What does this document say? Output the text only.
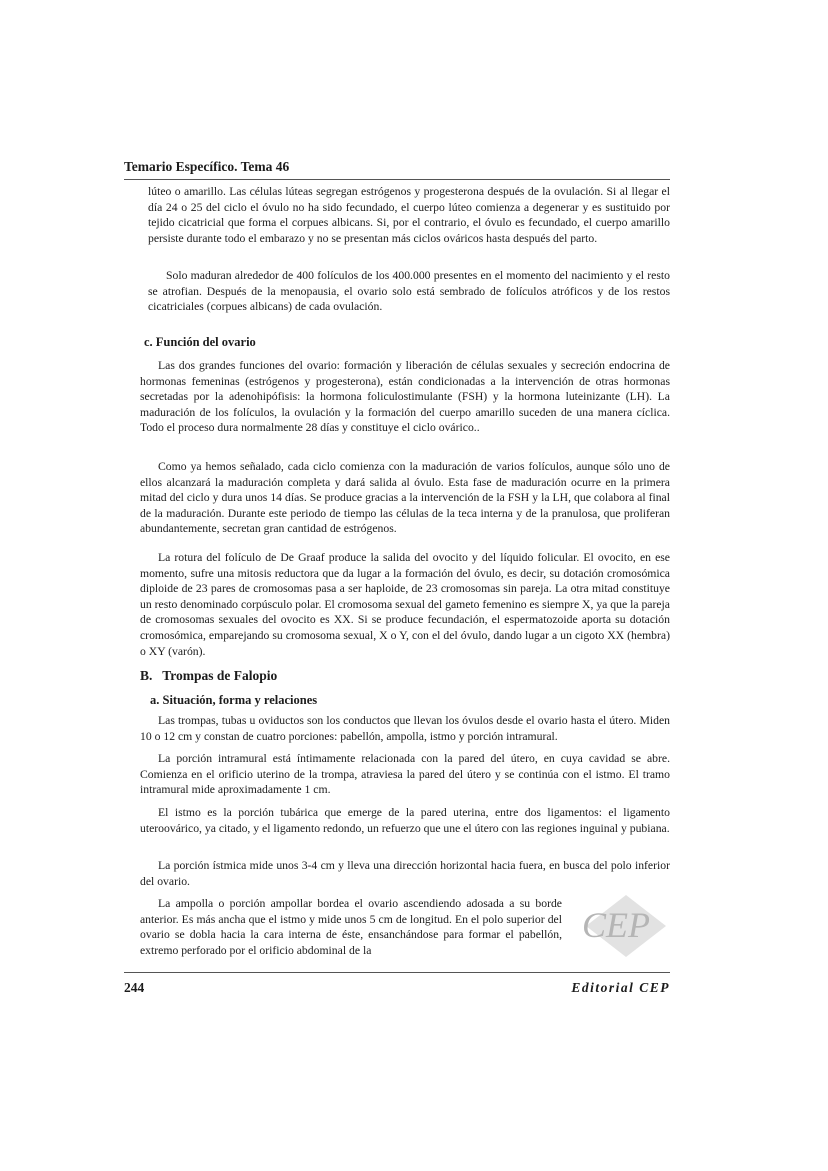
Temario Específico. Tema 46
lúteo o amarillo. Las células lúteas segregan estrógenos y progesterona después de la ovulación. Si al llegar el día 24 o 25 del ciclo el óvulo no ha sido fecundado, el cuerpo lúteo comienza a degenerar y es sustituido por tejido cicatricial que forma el corpues albicans. Si, por el contrario, el óvulo es fecundado, el cuerpo amarillo persiste durante todo el embarazo y no se presentan más ciclos ováricos hasta después del parto.
Solo maduran alrededor de 400 folículos de los 400.000 presentes en el momento del nacimiento y el resto se atrofian. Después de la menopausia, el ovario solo está sembrado de folículos atróficos y de los restos cicatriciales (corpues albicans) de cada ovulación.
c. Función del ovario
Las dos grandes funciones del ovario: formación y liberación de células sexuales y secreción endocrina de hormonas femeninas (estrógenos y progesterona), están condicionadas a la intervención de otras hormonas secretadas por la adenohipófisis: la hormona foliculostimulante (FSH) y la hormona luteinizante (LH). La maduración de los folículos, la ovulación y la formación del cuerpo amarillo suceden de una manera cíclica. Todo el proceso dura normalmente 28 días y constituye el ciclo ovárico..
Como ya hemos señalado, cada ciclo comienza con la maduración de varios folículos, aunque sólo uno de ellos alcanzará la maduración completa y dará salida al óvulo. Esta fase de maduración ocurre en la primera mitad del ciclo y dura unos 14 días. Se produce gracias a la intervención de la FSH y la LH, que colabora al final de la maduración. Durante este periodo de tiempo las células de la teca interna y de la pranulosa, que proliferan abundantemente, secretan gran cantidad de estrógenos.
La rotura del folículo de De Graaf produce la salida del ovocito y del líquido folicular. El ovocito, en ese momento, sufre una mitosis reductora que da lugar a la formación del óvulo, es decir, su dotación cromosómica diploide de 23 pares de cromosomas pasa a ser haploide, de 23 cromosomas sin pareja. La otra mitad constituye un resto denominado corpúsculo polar. El cromosoma sexual del gameto femenino es siempre X, ya que la pareja de cromosomas sexuales del ovocito es XX. Si se produce fecundación, el espermatozoide aporta su dotación cromosómica, emparejando su cromosoma sexual, X o Y, con el del óvulo, dando lugar a un cigoto XX (hembra) o XY (varón).
B.   Trompas de Falopio
a. Situación, forma y relaciones
Las trompas, tubas u oviductos son los conductos que llevan los óvulos desde el ovario hasta el útero. Miden 10 o 12 cm y constan de cuatro porciones: pabellón, ampolla, istmo y porción intramural.
La porción intramural está íntimamente relacionada con la pared del útero, en cuya cavidad se abre. Comienza en el orificio uterino de la trompa, atraviesa la pared del útero y se continúa con el istmo. El tramo intramural mide aproximadamente 1 cm.
El istmo es la porción tubárica que emerge de la pared uterina, entre dos ligamentos: el ligamento uteroovárico, ya citado, y el ligamento redondo, un refuerzo que une el útero con las regiones inguinal y pubiana.
La porción ístmica mide unos 3-4 cm y lleva una dirección horizontal hacia fuera, en busca del polo inferior del ovario.
La ampolla o porción ampollar bordea el ovario ascendiendo adosada a su borde anterior. Es más ancha que el istmo y mide unos 5 cm de longitud. En el polo superior del ovario se dobla hacia la cara interna de éste, ensanchándose para formar el pabellón, extremo perforado por el orificio abdominal de la
CEP
244	Editorial CEP
